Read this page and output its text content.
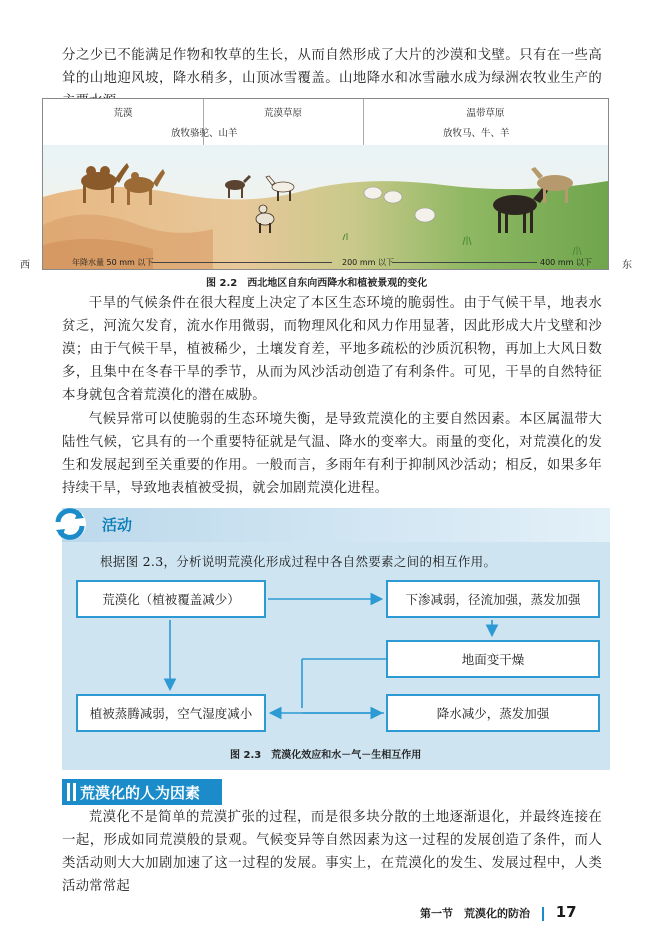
分之少已不能满足作物和牧草的生长，从而自然形成了大片的沙漠和戈壁。只有在一些高耸的山地迎风坡，降水稍多，山顶冰雪覆盖。山地降水和冰雪融水成为绿洲农牧业生产的

荒漠	荒漠草原	温带草原
放牧骆驼、山羊	放牧马、牛、羊
西	年降水量 50 mm 以下	200 mm 以下	400 mm 以下	东
图 2.2　西北地区自东向西降水和植被景观的变化

干旱的气候条件在很大程度上决定了本区生态环境的脆弱性。由于气候干旱，地表水贫乏，河流欠发育，流水作用微弱，而物理风化和风力作用显著，因此形成大片戈壁和沙漠；由于气候干旱，植被稀少，土壤发育差，平地多疏松的沙质沉积物，再加上大风日数多，且集中在冬春干旱的季节，从而为风沙活动创造了有利条件。可见，干旱的自然特征本身就包含着荒漠化的潜在威胁。

气候异常可以使脆弱的生态环境失衡，是导致荒漠化的主要自然因素。本区属温带大陆性气候，它具有的一个重要特征就是气温、降水的变率大。雨量的变化，对荒漠化的发生和发展起到至关重要的作用。一般而言，多雨年有利于抑制风沙活动；相反，如果多年持续干旱，导致地表植被受损，就会加剧荒漠化进程。

活动
根据图 2.3，分析说明荒漠化形成过程中各自然要素之间的相互作用。
荒漠化（植被覆盖减少）	下渗减弱，径流加强，蒸发加强
地面变干燥
植被蒸腾减弱，空气湿度减小	降水减少，蒸发加强
图 2.3　荒漠化效应和水－气－生相互作用
荒漠化的人为因素

荒漠化不是简单的荒漠扩张的过程，而是很多块分散的土地逐渐退化，并最终连接在一起，形成如同荒漠般的景观。气候变异等自然因素为这一过程的发展创造了条件，而人类活动则大大加剧加速了这一过程的发展。事实上，在荒漠化的发生、发展过程中，人类活动常常起

第一节　荒漠化的防治 17
